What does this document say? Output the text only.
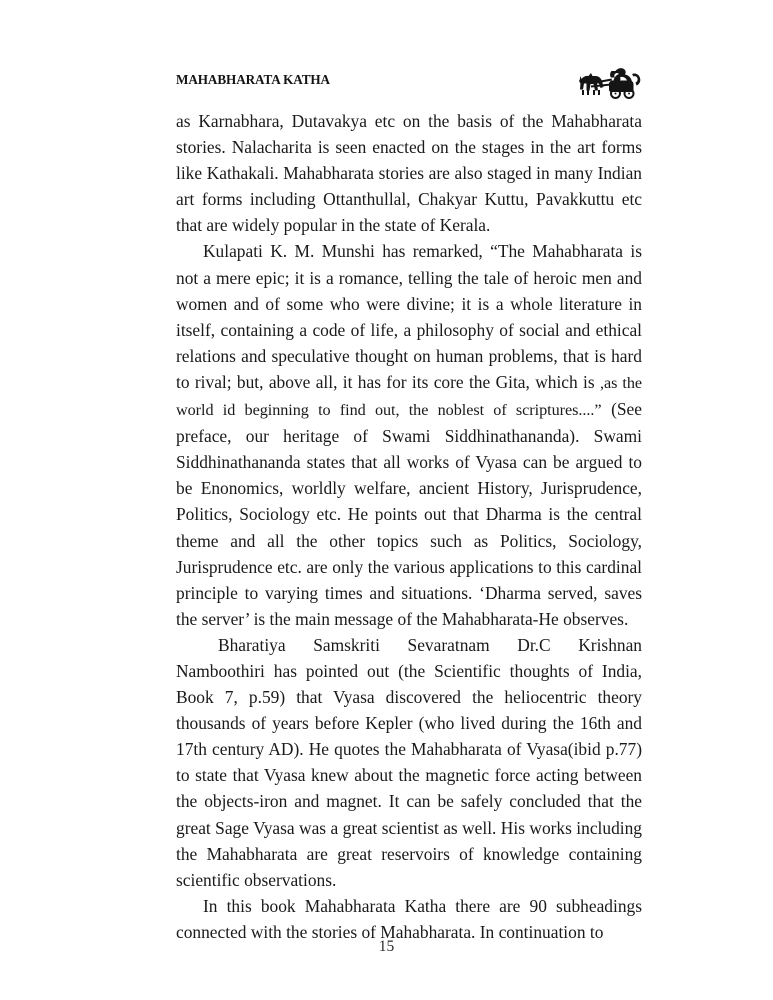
MAHABHARATA KATHA

as Karnabhara, Dutavakya etc on the basis of the Mahabharata stories. Nalacharita is seen enacted on the stages in the art forms like Kathakali. Mahabharata stories are also staged in many Indian art forms including Ottanthullal, Chakyar Kuttu, Pavakkuttu etc that are widely popular in the state of Kerala.

Kulapati K. M. Munshi has remarked, “The Mahabharata is not a mere epic; it is a romance, telling the tale of heroic men and women and of some who were divine; it is a whole literature in itself, containing a code of life, a philosophy of social and ethical relations and speculative thought on human problems, that is hard to rival; but, above all, it has for its core the Gita, which is ,as the world id beginning to find out, the noblest of scriptures....” (See preface, our heritage of Swami Siddhinathananda). Swami Siddhinathananda states that all works of Vyasa can be argued to be Enonomics, worldly welfare, ancient History, Jurisprudence, Politics, Sociology etc. He points out that Dharma is the central theme and all the other topics such as Politics, Sociology, Jurisprudence etc. are only the various applications to this cardinal principle to varying times and situations. ‘Dharma served, saves the server’ is the main message of the Mahabharata-He observes.

Bharatiya Samskriti Sevaratnam Dr.C Krishnan Namboothiri has pointed out (the Scientific thoughts of India, Book 7, p.59) that Vyasa discovered the heliocentric theory thousands of years before Kepler (who lived during the 16th and 17th century AD). He quotes the Mahabharata of Vyasa(ibid p.77) to state that Vyasa knew about the magnetic force acting between the objects-iron and magnet. It can be safely concluded that the great Sage Vyasa was a great scientist as well. His works including the Mahabharata are great reservoirs of knowledge containing scientific observations.

In this book Mahabharata Katha there are 90 subheadings connected with the stories of Mahabharata. In continuation to

15
